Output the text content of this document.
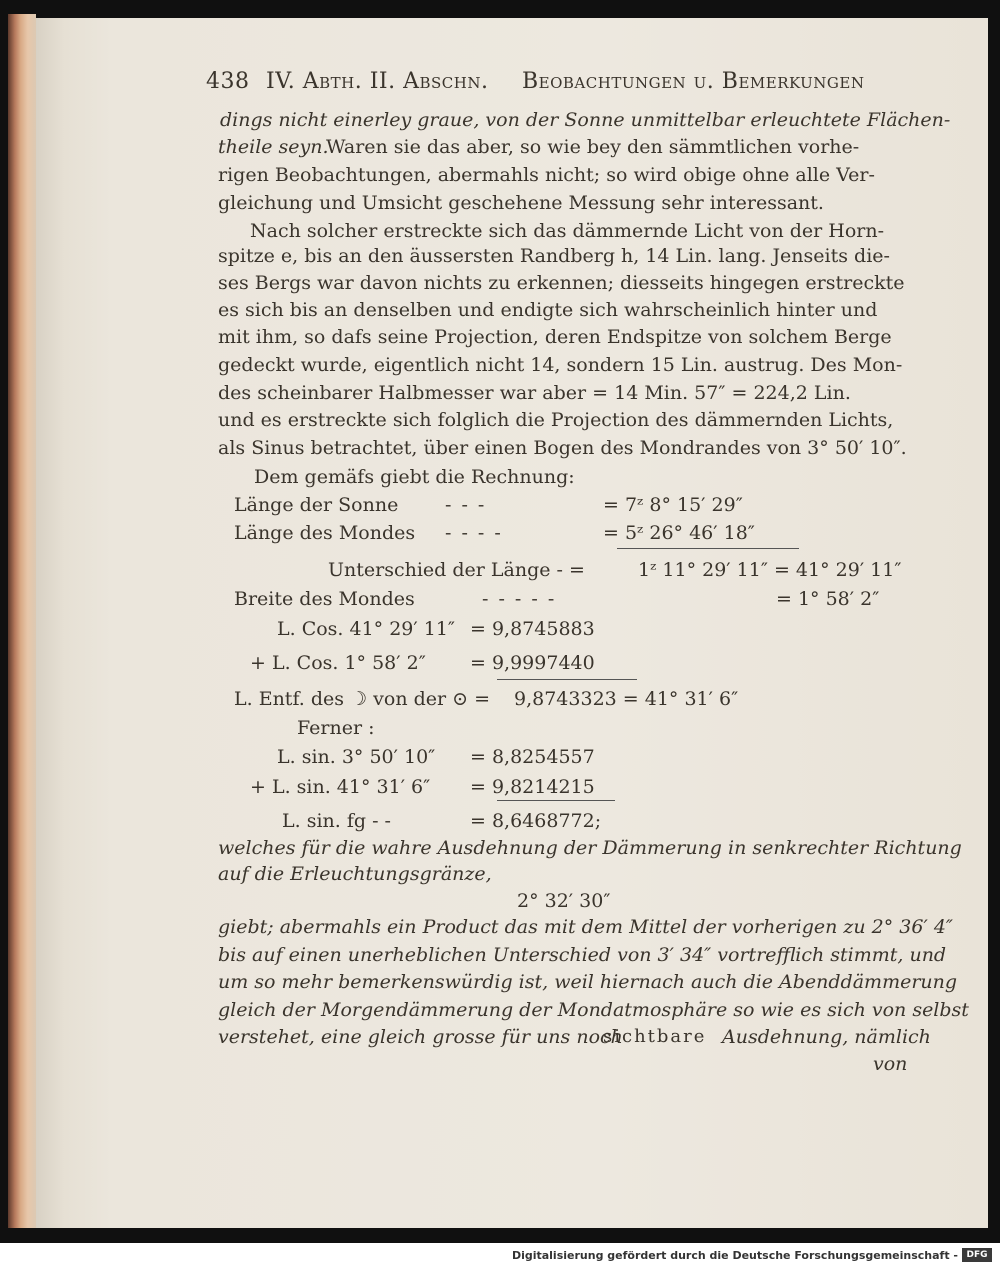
438 IV. Abth. II. Abschn. Beobachtungen u. Bemerkungen
dings nicht einerley graue, von der Sonne unmittelbar erleuchtete Flächen-
theile seyn.
Waren sie das aber, so wie bey den sämmtlichen vorhe-
rigen Beobachtungen, abermahls nicht; so wird obige ohne alle Ver-
gleichung und Umsicht geschehene Messung sehr interessant.
Nach solcher erstreckte sich das dämmernde Licht von der Horn-
spitze e, bis an den äussersten Randberg h, 14 Lin. lang. Jenseits die-
ses Bergs war davon nichts zu erkennen; diesseits hingegen erstreckte
es sich bis an denselben und endigte sich wahrscheinlich hinter und
mit ihm, so dafs seine Projection, deren Endspitze von solchem Berge
gedeckt wurde, eigentlich nicht 14, sondern 15 Lin. austrug. Des Mon-
des scheinbarer Halbmesser war aber = 14 Min. 57″ = 224,2 Lin.
und es erstreckte sich folglich die Projection des dämmernden Lichts,
als Sinus betrachtet, über einen Bogen des Mondrandes von 3° 50′ 10″.
Dem gemäfs giebt die Rechnung:
Länge der Sonne - - -	= 7ᶻ 8° 15′ 29″
Länge des Mondes - - - -	= 5ᶻ 26° 46′ 18″
Unterschied der Länge - =	1ᶻ 11° 29′ 11″ = 41° 29′ 11″
Breite des Mondes	- - - - -	= 1° 58′ 2″
L. Cos. 41° 29′ 11″ = 9,8745883
+ L. Cos. 1° 58′ 2″ = 9,9997440
L. Entf. des ☽ von der ⊙ = 9,8743323 = 41° 31′ 6″
Ferner :
L. sin. 3° 50′ 10″ = 8,8254557
+ L. sin. 41° 31′ 6″ = 9,8214215
L. sin. fg - -	= 8,6468772;
welches für die wahre Ausdehnung der Dämmerung in senkrechter Richtung
auf die Erleuchtungsgränze,
2° 32′ 30″
giebt; abermahls ein Product das mit dem Mittel der vorherigen zu 2° 36′ 4″
bis auf einen unerheblichen Unterschied von 3′ 34″ vortrefflich stimmt, und
um so mehr bemerkenswürdig ist, weil hiernach auch die Abenddämmerung
gleich der Morgendämmerung der Mondatmosphäre so wie es sich von selbst
verstehet, eine gleich grosse für uns noch
sichtbare Ausdehnung, nämlich
von
Digitalisierung gefördert durch die Deutsche Forschungsgemeinschaft - DFG
